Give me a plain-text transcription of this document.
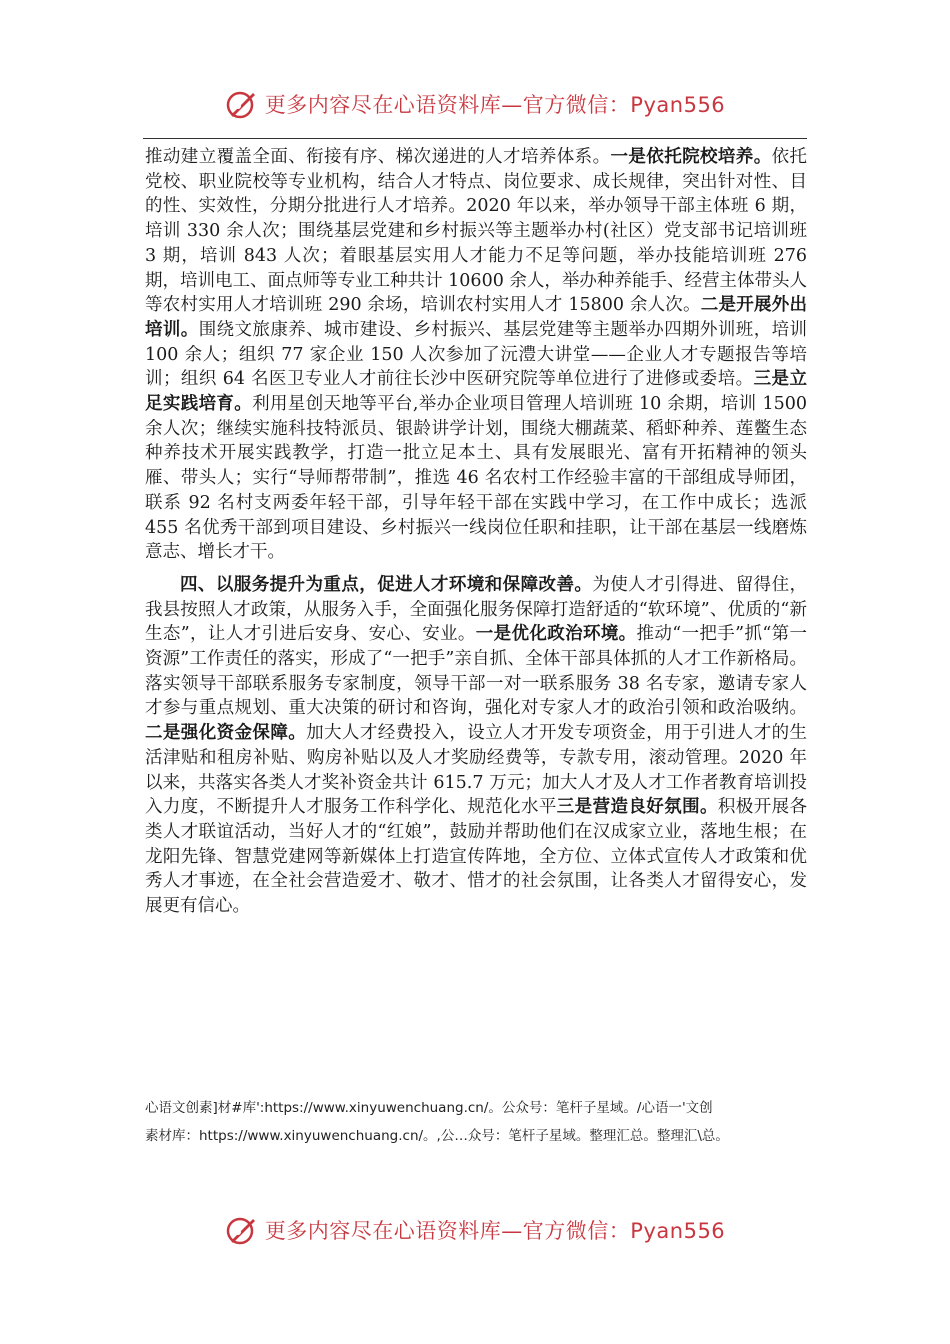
更多内容尽在心语资料库—官方微信：Pyan556

推动建立覆盖全面、衔接有序、梯次递进的人才培养体系。一是依托院校培养。依托党校、职业院校等专业机构，结合人才特点、岗位要求、成长规律，突出针对性、目的性、实效性，分期分批进行人才培养。2020 年以来，举办领导干部主体班 6 期，培训 330 余人次；围绕基层党建和乡村振兴等主题举办村(社区）党支部书记培训班 3 期，培训 843 人次；着眼基层实用人才能力不足等问题，举办技能培训班 276 期，培训电工、面点师等专业工种共计 10600 余人，举办种养能手、经营主体带头人等农村实用人才培训班 290 余场，培训农村实用人才 15800 余人次。二是开展外出培训。围绕文旅康养、城市建设、乡村振兴、基层党建等主题举办四期外训班，培训 100 余人；组织 77 家企业 150 人次参加了沅澧大讲堂——企业人才专题报告等培训；组织 64 名医卫专业人才前往长沙中医研究院等单位进行了进修或委培。三是立足实践培育。利用星创天地等平台,举办企业项目管理人培训班 10 余期，培训 1500 余人次；继续实施科技特派员、银龄讲学计划，围绕大棚蔬菜、稻虾种养、莲鳖生态种养技术开展实践教学，打造一批立足本土、具有发展眼光、富有开拓精神的领头雁、带头人；实行“导师帮带制”，推选 46 名农村工作经验丰富的干部组成导师团，联系 92 名村支两委年轻干部，引导年轻干部在实践中学习，在工作中成长；选派 455 名优秀干部到项目建设、乡村振兴一线岗位任职和挂职，让干部在基层一线磨炼意志、增长才干。

四、以服务提升为重点，促进人才环境和保障改善。为使人才引得进、留得住，我县按照人才政策，从服务入手，全面强化服务保障打造舒适的“软环境”、优质的“新生态”，让人才引进后安身、安心、安业。一是优化政治环境。推动“一把手”抓“第一资源”工作责任的落实，形成了“一把手”亲自抓、全体干部具体抓的人才工作新格局。落实领导干部联系服务专家制度，领导干部一对一联系服务 38 名专家，邀请专家人才参与重点规划、重大决策的研讨和咨询，强化对专家人才的政治引领和政治吸纳。二是强化资金保障。加大人才经费投入，设立人才开发专项资金，用于引进人才的生活津贴和租房补贴、购房补贴以及人才奖励经费等，专款专用，滚动管理。2020 年以来，共落实各类人才奖补资金共计 615.7 万元；加大人才及人才工作者教育培训投入力度，不断提升人才服务工作科学化、规范化水平三是营造良好氛围。积极开展各类人才联谊活动，当好人才的“红娘”，鼓励并帮助他们在汉成家立业，落地生根；在龙阳先锋、智慧党建网等新媒体上打造宣传阵地，全方位、立体式宣传人才政策和优秀人才事迹，在全社会营造爱才、敬才、惜才的社会氛围，让各类人才留得安心，发展更有信心。

心语文创素]材#库':https://www.xinyuwenchuang.cn/。公众号：笔杆子星域。/心语一'文创
素材库：https://www.xinyuwenchuang.cn/。,公…众号：笔杆子星域。整理汇总。整理汇\总。
更多内容尽在心语资料库—官方微信：Pyan556
